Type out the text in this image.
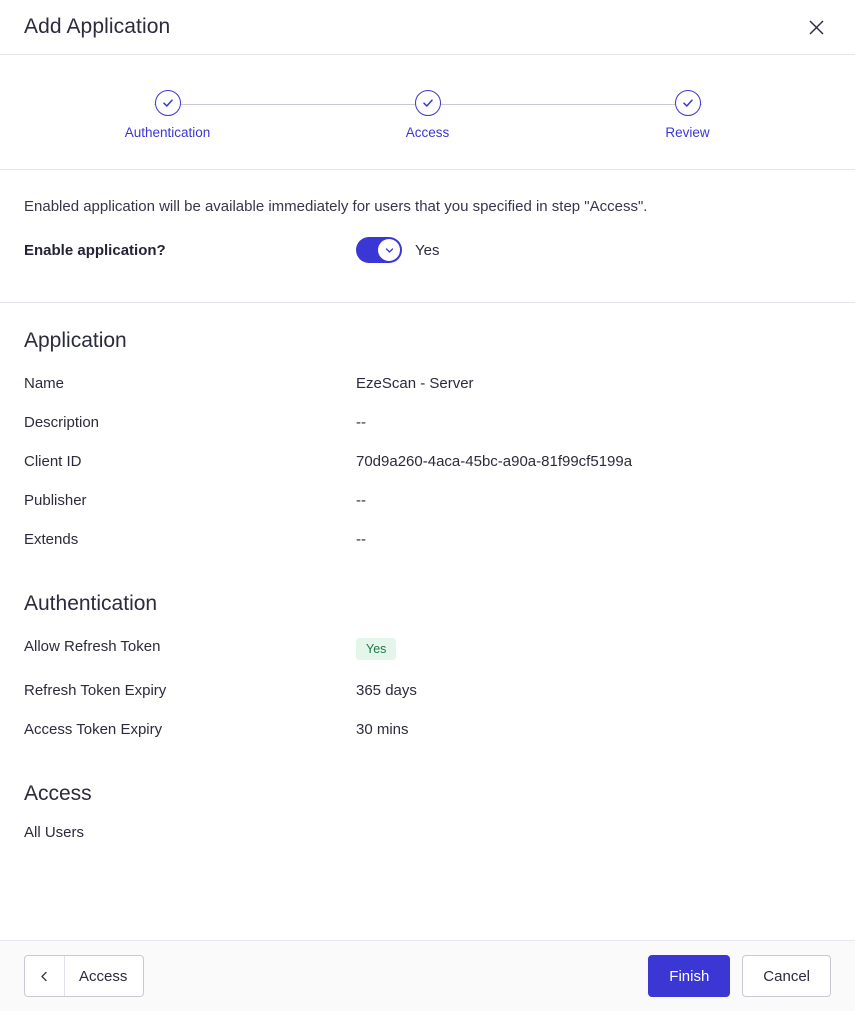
Add Application
Authentication	Access	Review
Enabled application will be available immediately for users that you specified in step "Access".
Enable application?	Yes
Application
Name	EzeScan - Server
Description	--
Client ID	70d9a260-4aca-45bc-a90a-81f99cf5199a
Publisher	--
Extends	--
Authentication
Allow Refresh Token	Yes
Refresh Token Expiry	365 days
Access Token Expiry	30 mins
Access
All Users
Access	Finish	Cancel
